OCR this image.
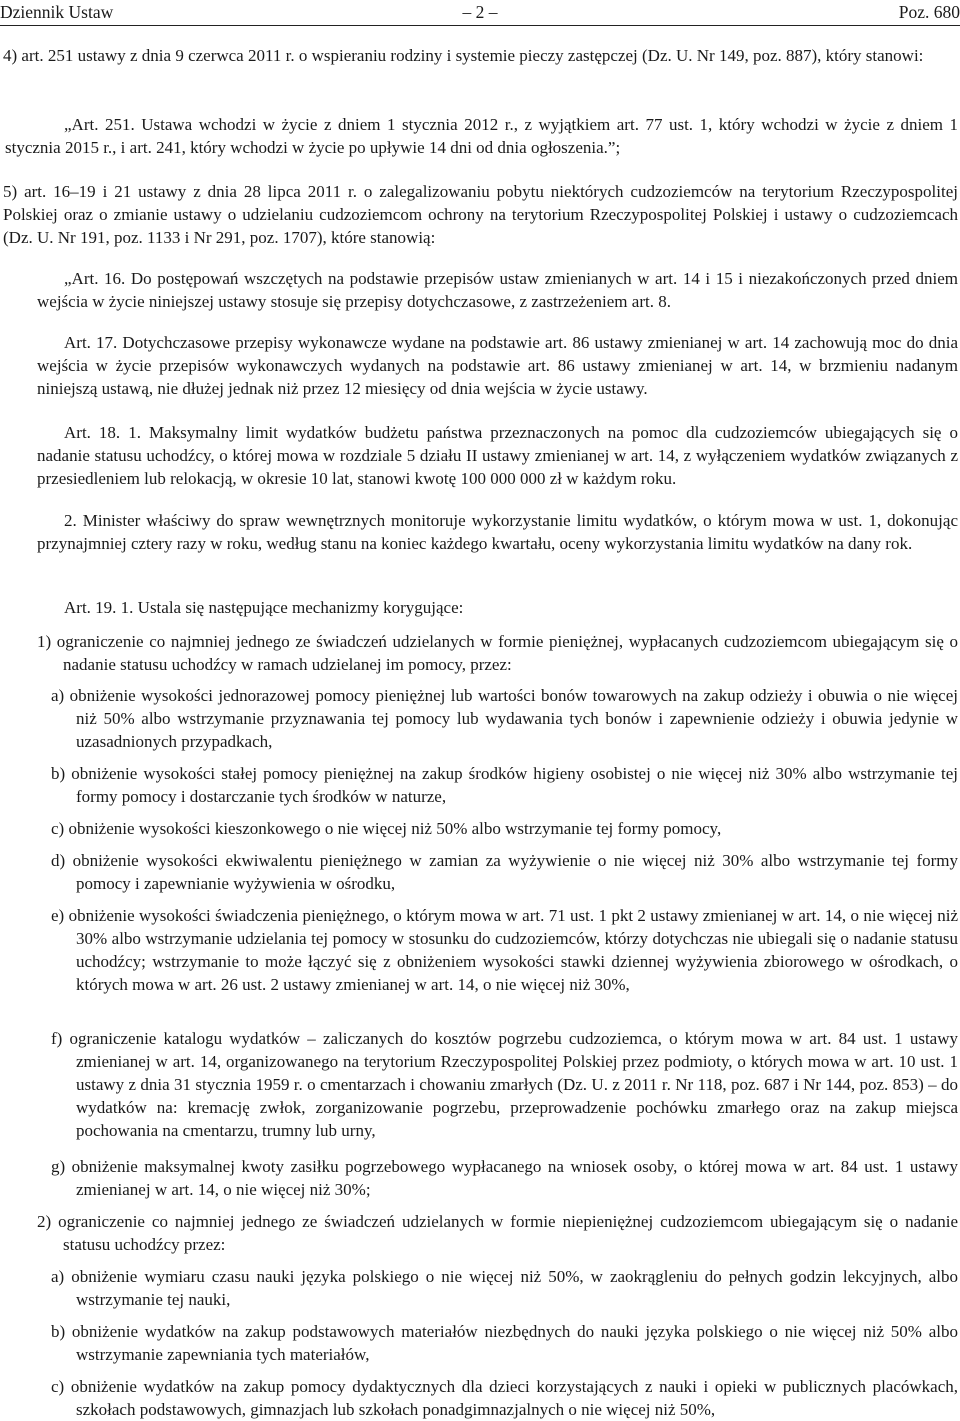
Dziennik Ustaw	– 2 –	Poz. 680

4) art. 251 ustawy z dnia 9 czerwca 2011 r. o wspieraniu rodziny i systemie pieczy zastępczej (Dz. U. Nr 149, poz. 887), który stanowi:

„Art. 251. Ustawa wchodzi w życie z dniem 1 stycznia 2012 r., z wyjątkiem art. 77 ust. 1, który wchodzi w życie z dniem 1 stycznia 2015 r., i art. 241, który wchodzi w życie po upływie 14 dni od dnia ogłoszenia.”;

5) art. 16–19 i 21 ustawy z dnia 28 lipca 2011 r. o zalegalizowaniu pobytu niektórych cudzoziemców na terytorium Rzeczypospolitej Polskiej oraz o zmianie ustawy o udzielaniu cudzoziemcom ochrony na terytorium Rzeczypospolitej Polskiej i ustawy o cudzoziemcach (Dz. U. Nr 191, poz. 1133 i Nr 291, poz. 1707), które stanowią:

„Art. 16. Do postępowań wszczętych na podstawie przepisów ustaw zmienianych w art. 14 i 15 i niezakończonych przed dniem wejścia w życie niniejszej ustawy stosuje się przepisy dotychczasowe, z zastrzeżeniem art. 8.

Art. 17. Dotychczasowe przepisy wykonawcze wydane na podstawie art. 86 ustawy zmienianej w art. 14 zachowują moc do dnia wejścia w życie przepisów wykonawczych wydanych na podstawie art. 86 ustawy zmienianej w art. 14, w brzmieniu nadanym niniejszą ustawą, nie dłużej jednak niż przez 12 miesięcy od dnia wejścia w życie ustawy.

Art. 18. 1. Maksymalny limit wydatków budżetu państwa przeznaczonych na pomoc dla cudzoziemców ubiegających się o nadanie statusu uchodźcy, o której mowa w rozdziale 5 działu II ustawy zmienianej w art. 14, z wyłączeniem wydatków związanych z przesiedleniem lub relokacją, w okresie 10 lat, stanowi kwotę 100 000 000 zł w każdym roku.

2. Minister właściwy do spraw wewnętrznych monitoruje wykorzystanie limitu wydatków, o którym mowa w ust. 1, dokonując przynajmniej cztery razy w roku, według stanu na koniec każdego kwartału, oceny wykorzystania limitu wydatków na dany rok.

Art. 19. 1. Ustala się następujące mechanizmy korygujące:

1) ograniczenie co najmniej jednego ze świadczeń udzielanych w formie pieniężnej, wypłacanych cudzoziemcom ubiegającym się o nadanie statusu uchodźcy w ramach udzielanej im pomocy, przez:

a) obniżenie wysokości jednorazowej pomocy pieniężnej lub wartości bonów towarowych na zakup odzieży i obuwia o nie więcej niż 50% albo wstrzymanie przyznawania tej pomocy lub wydawania tych bonów i zapewnienie odzieży i obuwia jedynie w uzasadnionych przypadkach,

b) obniżenie wysokości stałej pomocy pieniężnej na zakup środków higieny osobistej o nie więcej niż 30% albo wstrzymanie tej formy pomocy i dostarczanie tych środków w naturze,

c) obniżenie wysokości kieszonkowego o nie więcej niż 50% albo wstrzymanie tej formy pomocy,

d) obniżenie wysokości ekwiwalentu pieniężnego w zamian za wyżywienie o nie więcej niż 30% albo wstrzymanie tej formy pomocy i zapewnianie wyżywienia w ośrodku,

e) obniżenie wysokości świadczenia pieniężnego, o którym mowa w art. 71 ust. 1 pkt 2 ustawy zmienianej w art. 14, o nie więcej niż 30% albo wstrzymanie udzielania tej pomocy w stosunku do cudzoziemców, którzy dotychczas nie ubiegali się o nadanie statusu uchodźcy; wstrzymanie to może łączyć się z obniżeniem wysokości stawki dziennej wyżywienia zbiorowego w ośrodkach, o których mowa w art. 26 ust. 2 ustawy zmienianej w art. 14, o nie więcej niż 30%,

f) ograniczenie katalogu wydatków – zaliczanych do kosztów pogrzebu cudzoziemca, o którym mowa w art. 84 ust. 1 ustawy zmienianej w art. 14, organizowanego na terytorium Rzeczypospolitej Polskiej przez podmioty, o których mowa w art. 10 ust. 1 ustawy z dnia 31 stycznia 1959 r. o cmentarzach i chowaniu zmarłych (Dz. U. z 2011 r. Nr 118, poz. 687 i Nr 144, poz. 853) – do wydatków na: kremację zwłok, zorganizowanie pogrzebu, przeprowadzenie pochówku zmarłego oraz na zakup miejsca pochowania na cmentarzu, trumny lub urny,

g) obniżenie maksymalnej kwoty zasiłku pogrzebowego wypłacanego na wniosek osoby, o której mowa w art. 84 ust. 1 ustawy zmienianej w art. 14, o nie więcej niż 30%;

2) ograniczenie co najmniej jednego ze świadczeń udzielanych w formie niepieniężnej cudzoziemcom ubiegającym się o nadanie statusu uchodźcy przez:

a) obniżenie wymiaru czasu nauki języka polskiego o nie więcej niż 50%, w zaokrągleniu do pełnych godzin lekcyjnych, albo wstrzymanie tej nauki,

b) obniżenie wydatków na zakup podstawowych materiałów niezbędnych do nauki języka polskiego o nie więcej niż 50% albo wstrzymanie zapewniania tych materiałów,

c) obniżenie wydatków na zakup pomocy dydaktycznych dla dzieci korzystających z nauki i opieki w publicznych placówkach, szkołach podstawowych, gimnazjach lub szkołach ponadgimnazjalnych o nie więcej niż 50%,
